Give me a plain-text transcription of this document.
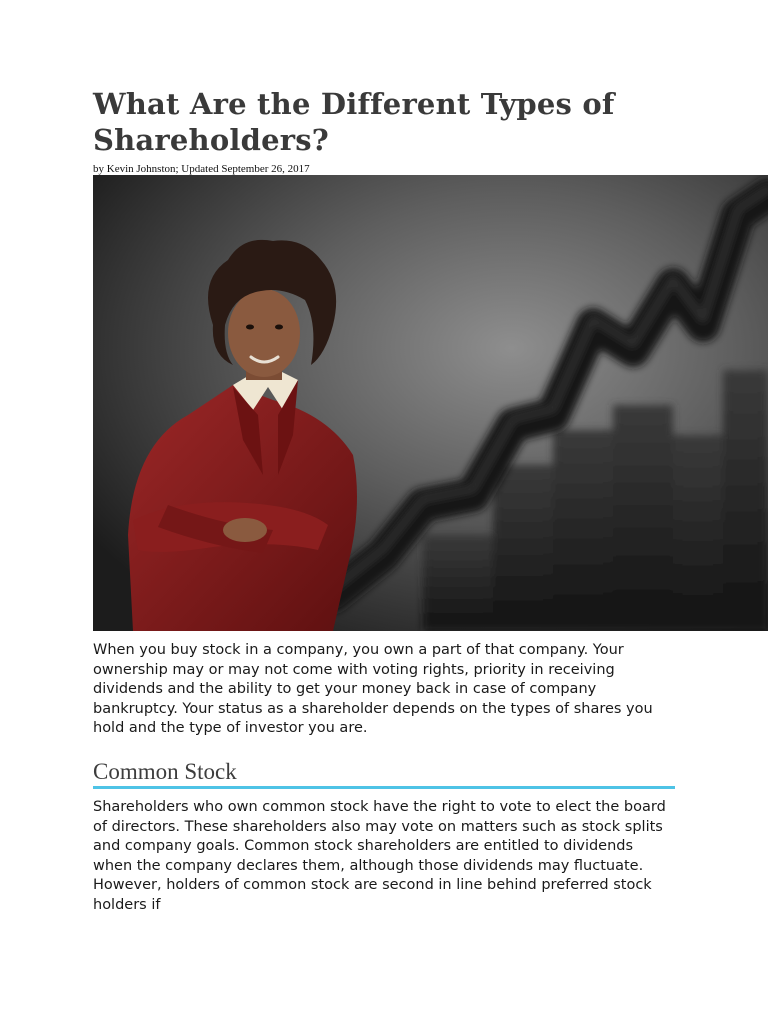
What Are the Different Types of Shareholders?
by Kevin Johnston; Updated September 26, 2017

When you buy stock in a company, you own a part of that company. Your ownership may or may not come with voting rights, priority in receiving dividends and the ability to get your money back in case of company bankruptcy. Your status as a shareholder depends on the types of shares you hold and the type of investor you are.

Common Stock

Shareholders who own common stock have the right to vote to elect the board of directors. These shareholders also may vote on matters such as stock splits and company goals. Common stock shareholders are entitled to dividends when the company declares them, although those dividends may fluctuate. However, holders of common stock are second in line behind preferred stock holders if
